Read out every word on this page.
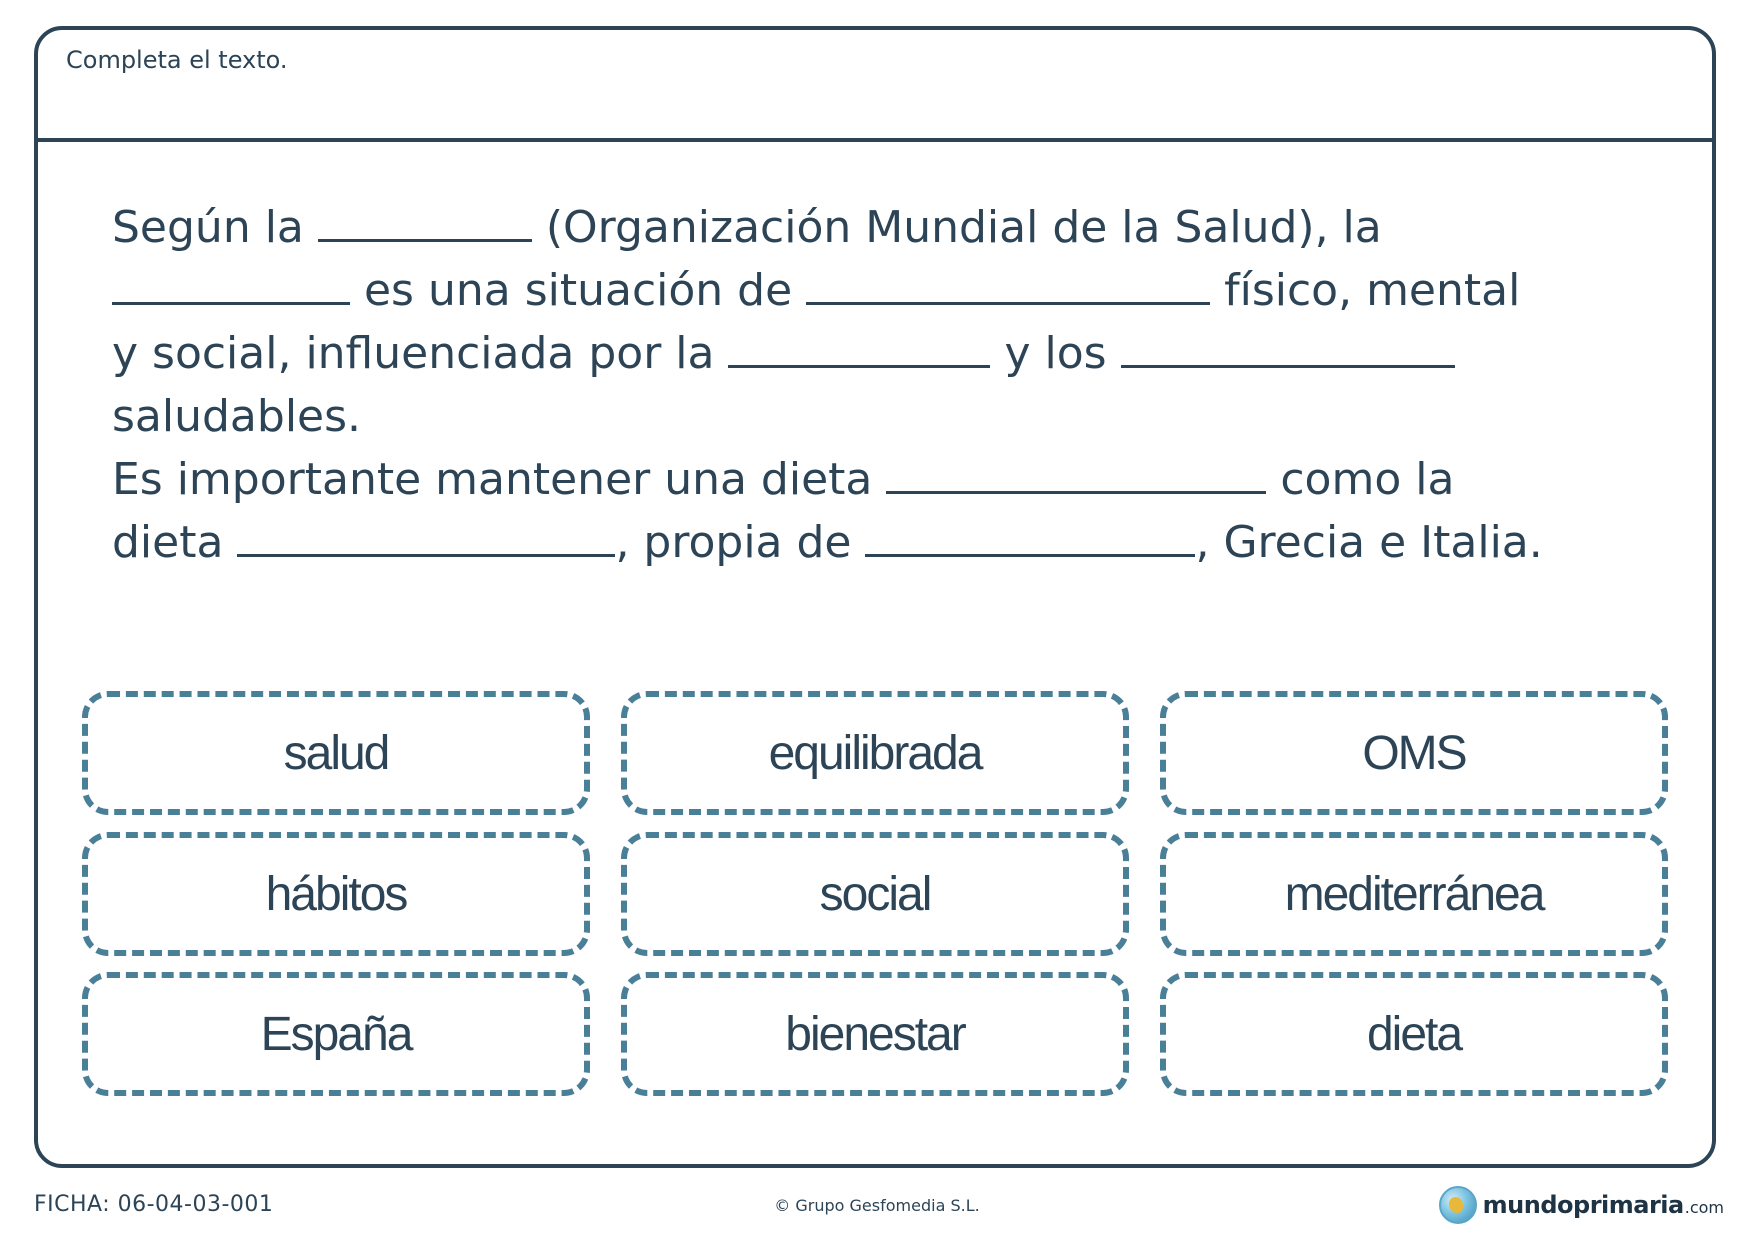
Completa el texto.
Según la	(Organización Mundial de la Salud), la
es una situación de	físico, mental
y social, influenciada por la	y los
saludables.
Es importante mantener una dieta	como la
dieta	, propia de	, Grecia e Italia.
salud	equilibrada	OMS
hábitos	social	mediterránea
España	bienestar	dieta
FICHA: 06-04-03-001	© Grupo Gesfomedia S.L.	mundoprimaria .com
